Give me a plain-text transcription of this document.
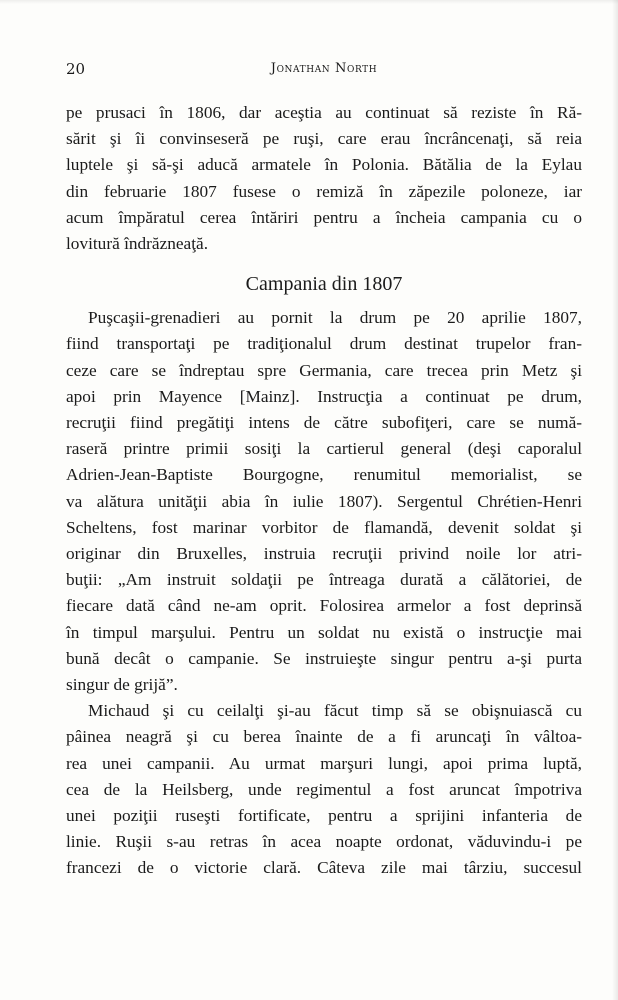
20	Jonathan North
pe prusaci în 1806, dar aceştia au continuat să reziste în Ră-
sărit şi îi convinseseră pe ruşi, care erau încrâncenaţi, să reia
luptele şi să-şi aducă armatele în Polonia. Bătălia de la Eylau
din februarie 1807 fusese o remiză în zăpezile poloneze, iar
acum împăratul cerea întăriri pentru a încheia campania cu o
lovitură îndrăzneaţă.
Campania din 1807
Puşcaşii-grenadieri au pornit la drum pe 20 aprilie 1807,
fiind transportaţi pe tradiţionalul drum destinat trupelor fran-
ceze care se îndreptau spre Germania, care trecea prin Metz şi
apoi prin Mayence [Mainz]. Instrucţia a continuat pe drum,
recruţii fiind pregătiţi intens de către subofiţeri, care se numă-
raseră printre primii sosiţi la cartierul general (deşi caporalul
Adrien-Jean-Baptiste Bourgogne, renumitul memorialist, se
va alătura unităţii abia în iulie 1807). Sergentul Chrétien-Henri
Scheltens, fost marinar vorbitor de flamandă, devenit soldat şi
originar din Bruxelles, instruia recruţii privind noile lor atri-
buţii: „Am instruit soldaţii pe întreaga durată a călătoriei, de
fiecare dată când ne-am oprit. Folosirea armelor a fost deprinsă
în timpul marşului. Pentru un soldat nu există o instrucţie mai
bună decât o campanie. Se instruieşte singur pentru a-şi purta
singur de grijă”.
Michaud şi cu ceilalţi şi-au făcut timp să se obişnuiască cu
pâinea neagră şi cu berea înainte de a fi aruncaţi în vâltoa-
rea unei campanii. Au urmat marşuri lungi, apoi prima luptă,
cea de la Heilsberg, unde regimentul a fost aruncat împotriva
unei poziţii ruseşti fortificate, pentru a sprijini infanteria de
linie. Ruşii s-au retras în acea noapte ordonat, văduvindu-i pe
francezi de o victorie clară. Câteva zile mai târziu, succesul
